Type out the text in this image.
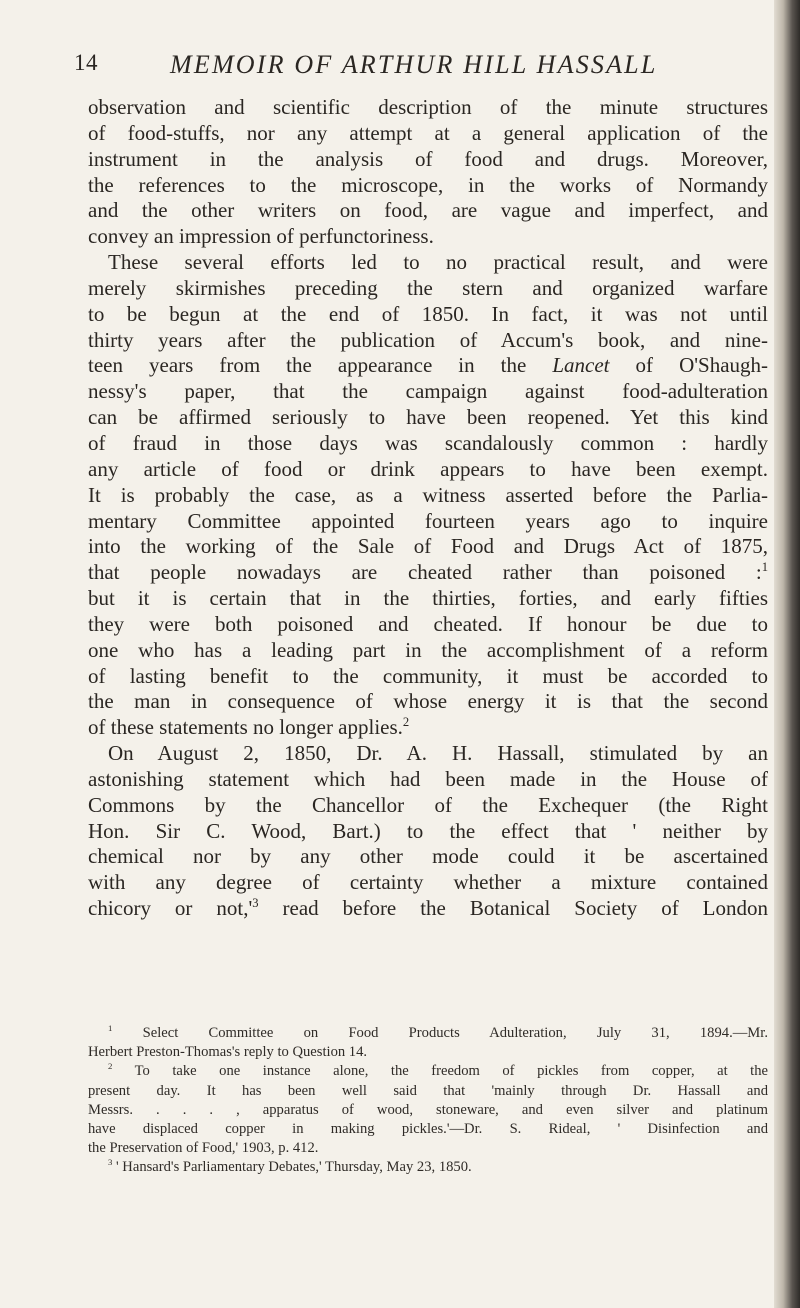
14	MEMOIR OF ARTHUR HILL HASSALL
observation and scientific description of the minute structures
of food-stuffs, nor any attempt at a general application of the
instrument in the analysis of food and drugs. Moreover,
the references to the microscope, in the works of Normandy
and the other writers on food, are vague and imperfect, and
convey an impression of perfunctoriness.
These several efforts led to no practical result, and were
merely skirmishes preceding the stern and organized warfare
to be begun at the end of 1850. In fact, it was not until
thirty years after the publication of Accum's book, and nine-
teen years from the appearance in the Lancet of O'Shaugh-
nessy's paper, that the campaign against food-adulteration
can be affirmed seriously to have been reopened. Yet this kind
of fraud in those days was scandalously common : hardly
any article of food or drink appears to have been exempt.
It is probably the case, as a witness asserted before the Parlia-
mentary Committee appointed fourteen years ago to inquire
into the working of the Sale of Food and Drugs Act of 1875,
that people nowadays are cheated rather than poisoned :$^1$
but it is certain that in the thirties, forties, and early fifties
they were both poisoned and cheated. If honour be due to
one who has a leading part in the accomplishment of a reform
of lasting benefit to the community, it must be accorded to
the man in consequence of whose energy it is that the second
of these statements no longer applies.$^2$
On August 2, 1850, Dr. A. H. Hassall, stimulated by an
astonishing statement which had been made in the House of
Commons by the Chancellor of the Exchequer (the Right
Hon. Sir C. Wood, Bart.) to the effect that ' neither by
chemical nor by any other mode could it be ascertained
with any degree of certainty whether a mixture contained
chicory or $not,'^3$ read before the Botanical Society of London
$^1$ Select Committee on Food Products Adulteration, July 31, 1894.—Mr.
Herbert Preston-Thomas's reply to Question 14.
$^2$ To take one instance alone, the freedom of pickles from copper, at the
present day. It has been well said that 'mainly through Dr. Hassall and
Messrs. . . . , apparatus of wood, stoneware, and even silver and platinum
have displaced copper in making pickles.'—Dr. S. Rideal, ' Disinfection and
the Preservation of Food,' 1903, p. 412.
$^3$ ' Hansard's Parliamentary Debates,' Thursday, May 23, 1850.
